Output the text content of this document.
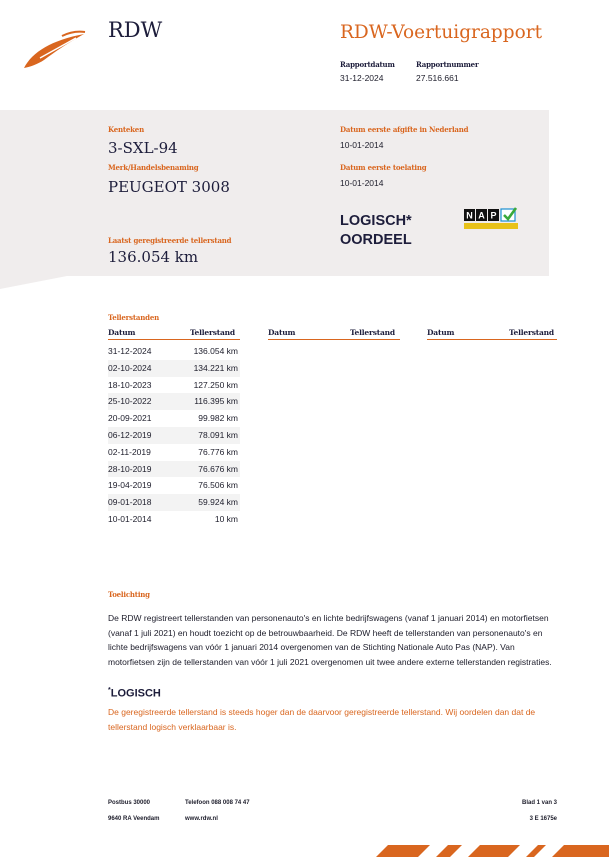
RDW	RDW-Voertuigrapport
Rapportdatum	Rapportnummer
31-12-2024	27.516.661
Kenteken
3-SXL-94
Merk/Handelsbenaming
PEUGEOT 3008
Datum eerste afgifte in Nederland
10-01-2014
Datum eerste toelating
10-01-2014
LOGISCH*
OORDEEL
N A P
Laatst geregistreerde tellerstand
136.054 km
Tellerstanden
Datum	Tellerstand	Datum	Tellerstand	Datum	Tellerstand
31-12-2024	136.054 km
02-10-2024	134.221 km
18-10-2023	127.250 km
25-10-2022	116.395 km
20-09-2021	99.982 km
06-12-2019	78.091 km
02-11-2019	76.776 km
28-10-2019	76.676 km
19-04-2019	76.506 km
09-01-2018	59.924 km
10-01-2014	10 km
Toelichting

De RDW registreert tellerstanden van personenauto's en lichte bedrijfswagens (vanaf 1 januari 2014) en motorfietsen (vanaf 1 juli 2021) en houdt toezicht op de betrouwbaarheid. De RDW heeft de tellerstanden van personenauto's en lichte bedrijfswagens van vóór 1 januari 2014 overgenomen van de Stichting Nationale Auto Pas (NAP). Van motorfietsen zijn de tellerstanden van vóór 1 juli 2021 overgenomen uit twee andere externe tellerstanden registraties.

*LOGISCH

De geregistreerde tellerstand is steeds hoger dan de daarvoor geregistreerde tellerstand. Wij oordelen dan dat de tellerstand logisch verklaarbaar is.

Postbus 30000
9640 RA Veendam
Telefoon 088 008 74 47
www.rdw.nl
Blad 1 van 3
3 E 1675e
